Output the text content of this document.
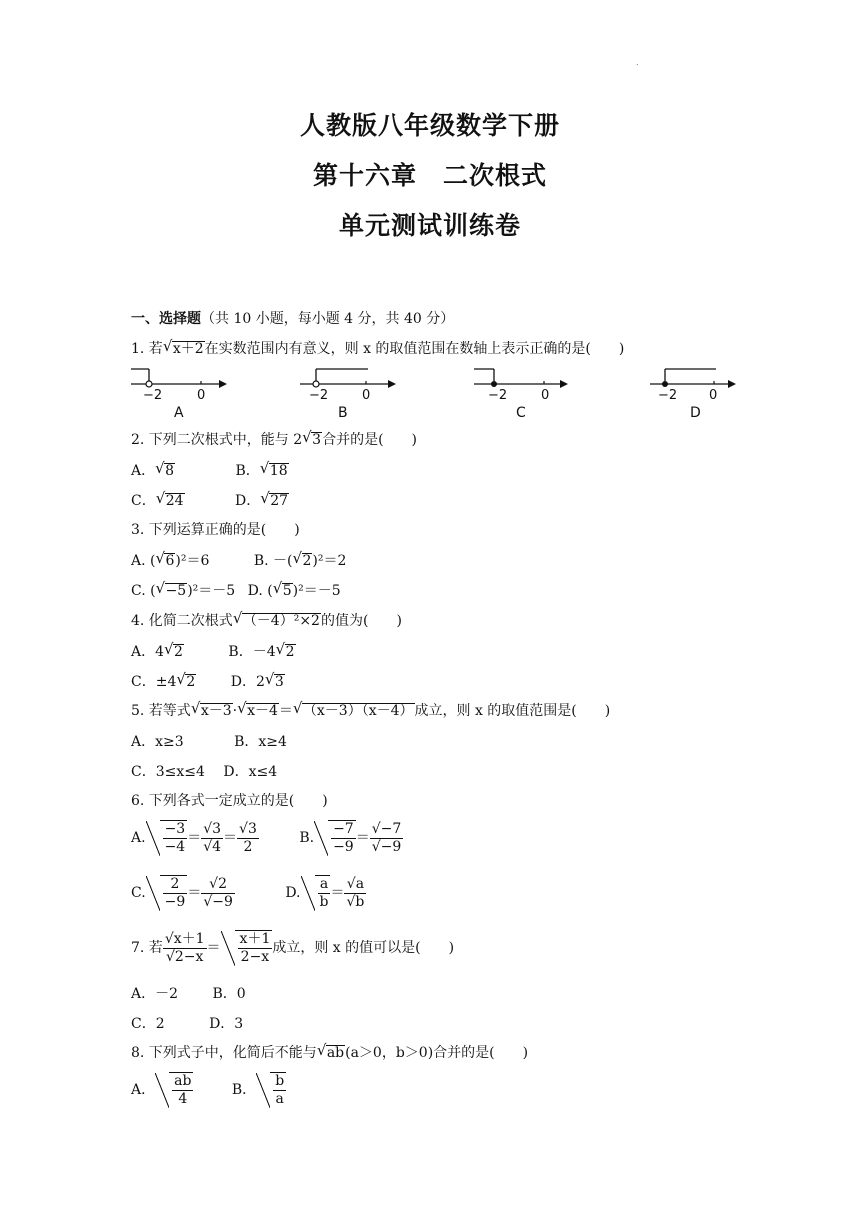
.
人教版八年级数学下册
第十六章　二次根式
单元测试训练卷
一、选择题（共 10 小题，每小题 4 分，共 40 分）
1. 若 √ x＋2在实数范围内有意义，则 x 的取值范围在数轴上表示正确的是(　　)
−2	0
A
−2	0
B
−2	0
C
−2 0
D
2. 下列二次根式中，能与 2 √ 3合并的是(　　)
A． √ 8	B． √ 18
C． √ 24	D． √ 27
3. 下列运算正确的是(　　)
A. ( √ 6)²＝6	B. －( √ 2)²＝2
C. ( √ −5)²＝－5 D. ( √ 5)²＝－5
4. 化简二次根式 √ （－4）²×2的值为(　　)
A．4 √ 2	B．－4 √ 2
C．±4 √ 2	D．2 √ 3
5. 若等式 √ x－3· √ x－4＝ √ （x－3）（x－4）成立，则 x 的取值范围是(　　)
A．x≥3	B．x≥4
C．3≤x≤4 D．x≤4
6. 下列各式一定成立的是(　　)
A. $\frac{-3}{-4} = \frac{√3}{√4} = \frac{√3}{2}$	B. $\frac{-7}{-9} = \frac{√-7}{√-9}$
C. $\frac{2}{-9} = \frac{√2}{√-9}$	D. $\frac{a}{b} = \frac{√a}{√b}$
7. 若 $\frac{√x+1}{√2-x} = \frac{x+1}{2-x}$ 成立，则 x 的值可以是(　　)
A．－2 B．0
C．2	D．3
8. 下列式子中，化简后不能与 √ ab(a＞0，b＞0)合并的是(　　)
A． $\frac{ab}{4}$	B． $\frac{b}{a}$
